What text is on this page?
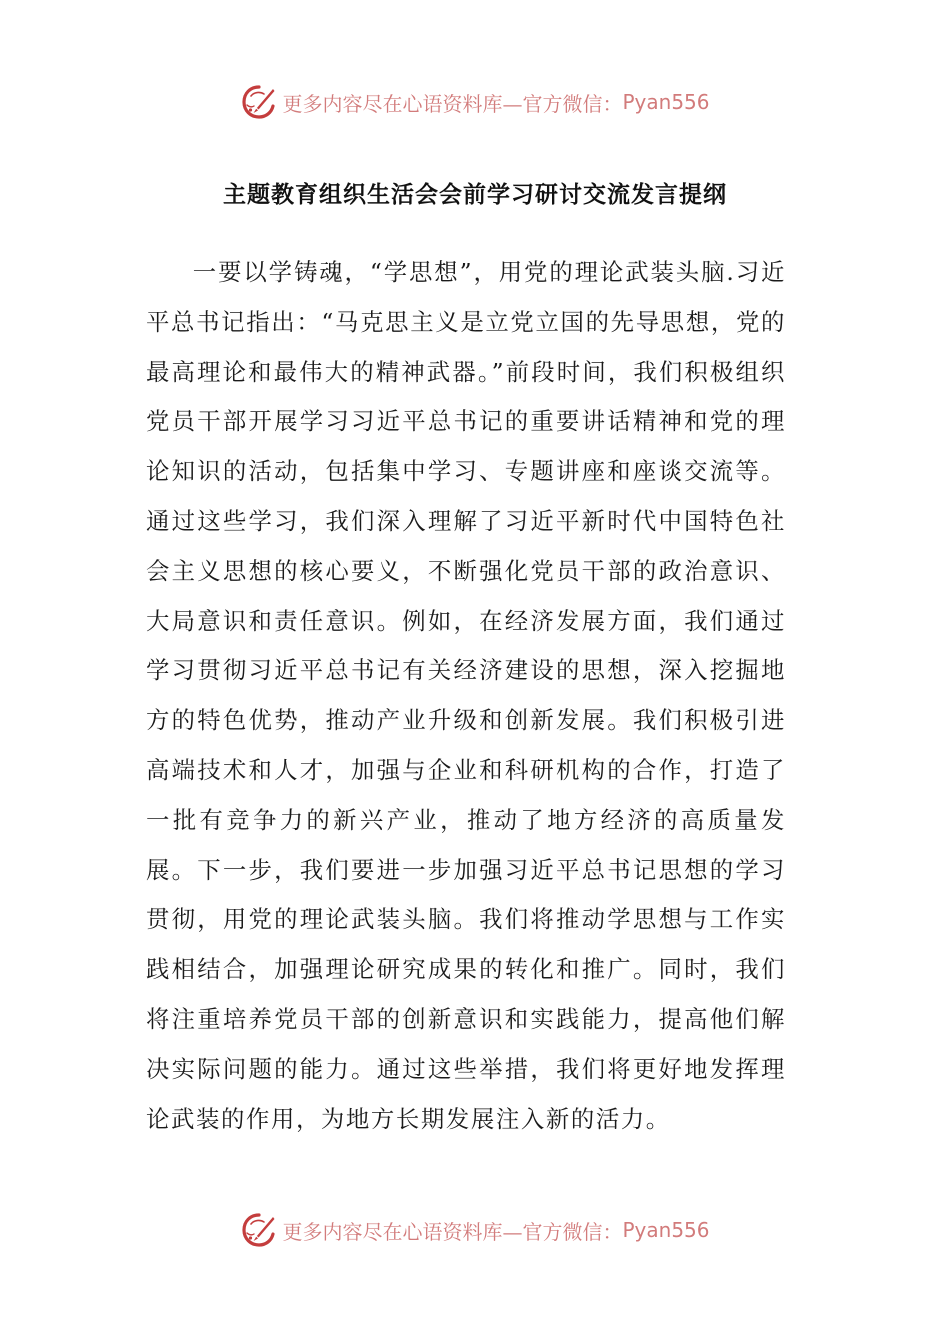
更多内容尽在心语资料库—官方微信： Pyan556
主题教育组织生活会会前学习研讨交流发言提纲

一要以学铸魂，“学思想”，用党的理论武装头脑.习近平总书记指出：“马克思主义是立党立国的先导思想，党的最高理论和最伟大的精神武器。”前段时间，我们积极组织党员干部开展学习习近平总书记的重要讲话精神和党的理论知识的活动，包括集中学习、专题讲座和座谈交流等。通过这些学习，我们深入理解了习近平新时代中国特色社会主义思想的核心要义，不断强化党员干部的政治意识、大局意识和责任意识。例如，在经济发展方面，我们通过学习贯彻习近平总书记有关经济建设的思想，深入挖掘地方的特色优势，推动产业升级和创新发展。我们积极引进高端技术和人才，加强与企业和科研机构的合作，打造了一批有竞争力的新兴产业，推动了地方经济的高质量发展。下一步，我们要进一步加强习近平总书记思想的学习贯彻，用党的理论武装头脑。我们将推动学思想与工作实践相结合，加强理论研究成果的转化和推广。同时，我们将注重培养党员干部的创新意识和实践能力，提高他们解决实际问题的能力。通过这些举措，我们将更好地发挥理论武装的作用，为地方长期发展注入新的活力。

更多内容尽在心语资料库—官方微信： Pyan556
